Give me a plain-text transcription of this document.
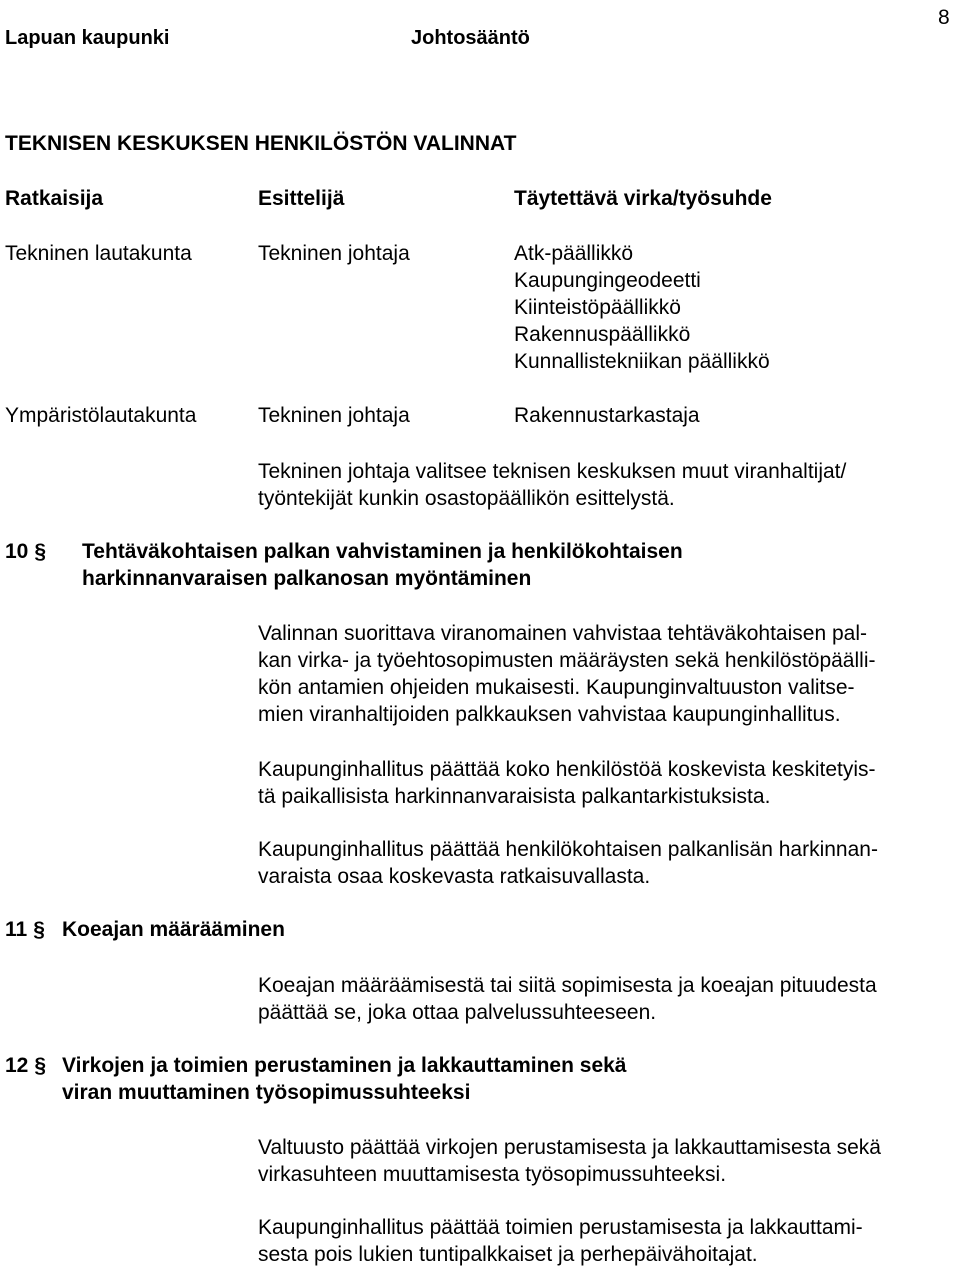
Lapuan kaupunki	Johtosääntö
8
TEKNISEN KESKUKSEN HENKILÖSTÖN VALINNAT
Ratkaisija	Esittelijä	Täytettävä virka/työsuhde
Tekninen lautakunta	Tekninen johtaja	Atk-päällikkö
Kaupungingeodeetti
Kiinteistöpäällikkö
Rakennuspäällikkö
Kunnallistekniikan päällikkö
Ympäristölautakunta	Tekninen johtaja	Rakennustarkastaja
Tekninen johtaja valitsee teknisen keskuksen muut viranhaltijat/
työntekijät kunkin osastopäällikön esittelystä.
10 § Tehtäväkohtaisen palkan vahvistaminen ja henkilökohtaisen
harkinnanvaraisen palkanosan myöntäminen
Valinnan suorittava viranomainen vahvistaa tehtäväkohtaisen pal-
kan virka- ja työehtosopimusten määräysten sekä henkilöstöpäälli-
kön antamien ohjeiden mukaisesti. Kaupunginvaltuuston valitse-
mien viranhaltijoiden palkkauksen vahvistaa kaupunginhallitus.
Kaupunginhallitus päättää koko henkilöstöä koskevista keskitetyis-
tä paikallisista harkinnanvaraisista palkantarkistuksista.
Kaupunginhallitus päättää henkilökohtaisen palkanlisän harkinnan-
varaista osaa koskevasta ratkaisuvallasta.
11 § Koeajan määrääminen
Koeajan määräämisestä tai siitä sopimisesta ja koeajan pituudesta
päättää se, joka ottaa palvelussuhteeseen.
12 § Virkojen ja toimien perustaminen ja lakkauttaminen sekä
viran muuttaminen työsopimussuhteeksi
Valtuusto päättää virkojen perustamisesta ja lakkauttamisesta sekä
virkasuhteen muuttamisesta työsopimussuhteeksi.
Kaupunginhallitus päättää toimien perustamisesta ja lakkauttami-
sesta pois lukien tuntipalkkaiset ja perhepäivähoitajat.
